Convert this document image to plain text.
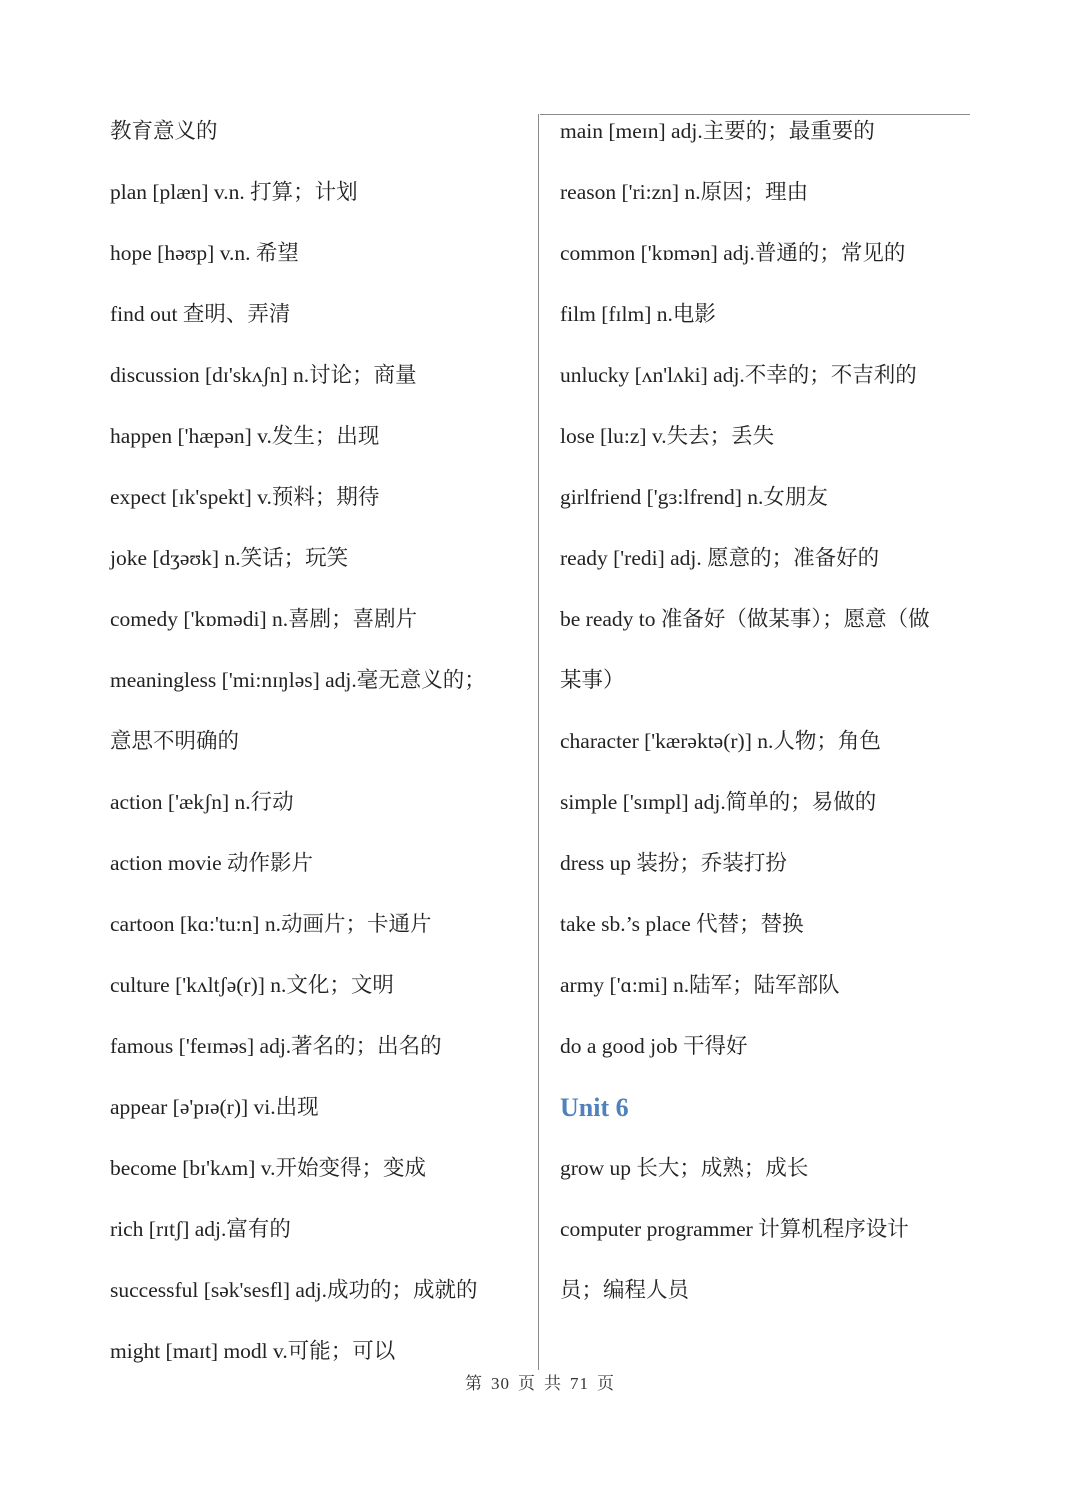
教育意义的
plan [plæn] v.n. 打算；计划
hope [həʊp] v.n. 希望
find out 查明、弄清
discussion [dɪ'skʌʃn] n.讨论；商量
happen ['hæpən] v.发生；出现
expect [ɪk'spekt] v.预料；期待
joke [dʒəʊk] n.笑话；玩笑
comedy ['kɒmədi] n.喜剧；喜剧片
meaningless ['mi:nɪŋləs] adj.毫无意义的；
意思不明确的
action ['ækʃn] n.行动
action movie 动作影片
cartoon [kɑ:'tu:n] n.动画片；卡通片
culture ['kʌltʃə(r)] n.文化；文明
famous ['feɪməs] adj.著名的；出名的
appear [ə'pɪə(r)] vi.出现
become [bɪ'kʌm] v.开始变得；变成
rich [rɪtʃ] adj.富有的
successful [sək'sesfl] adj.成功的；成就的
might [maɪt] modl v.可能；可以
main [meɪn] adj.主要的；最重要的
reason ['ri:zn] n.原因；理由
common ['kɒmən] adj.普通的；常见的
film [fɪlm] n.电影
unlucky [ʌn'lʌki] adj.不幸的；不吉利的
lose [lu:z] v.失去；丢失
girlfriend ['gɜ:lfrend] n.女朋友
ready ['redi] adj. 愿意的；准备好的
be ready to 准备好（做某事）；愿意（做
某事）
character ['kærəktə(r)] n.人物；角色
simple ['sɪmpl] adj.简单的；易做的
dress up 装扮；乔装打扮
take sb.’s place 代替；替换
army ['ɑ:mi] n.陆军；陆军部队
do a good job 干得好
Unit 6
grow up 长大；成熟；成长
computer programmer 计算机程序设计
员；编程人员
第 30 页 共 71 页
